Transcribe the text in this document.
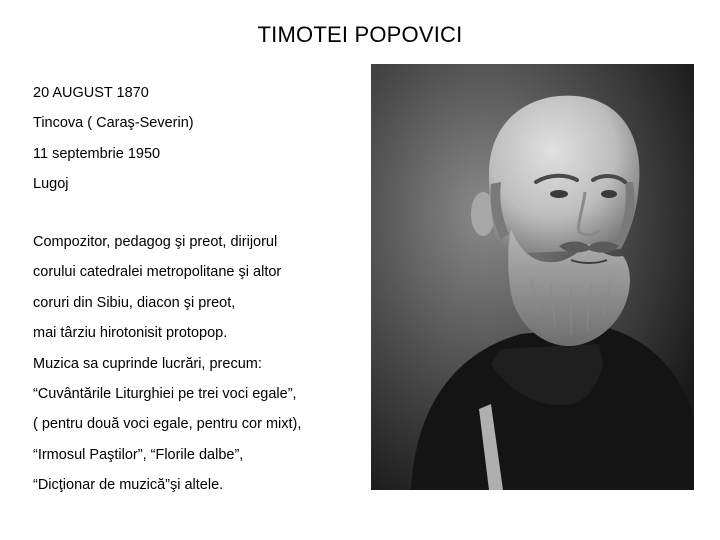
TIMOTEI POPOVICI
20 AUGUST 1870
Tincova ( Caraş-Severin)
11 septembrie 1950
Lugoj
Compozitor, pedagog şi preot, dirijorul
corului catedralei metropolitane şi altor
coruri din Sibiu, diacon şi preot,
mai târziu hirotonisit protopop.
Muzica sa cuprinde lucrări, precum:
“Cuvântările Liturghiei pe trei voci egale”,
( pentru două voci egale, pentru cor mixt),
“Irmosul Paştilor”, “Florile dalbe”,
“Dicţionar de muzică”şi altele.
